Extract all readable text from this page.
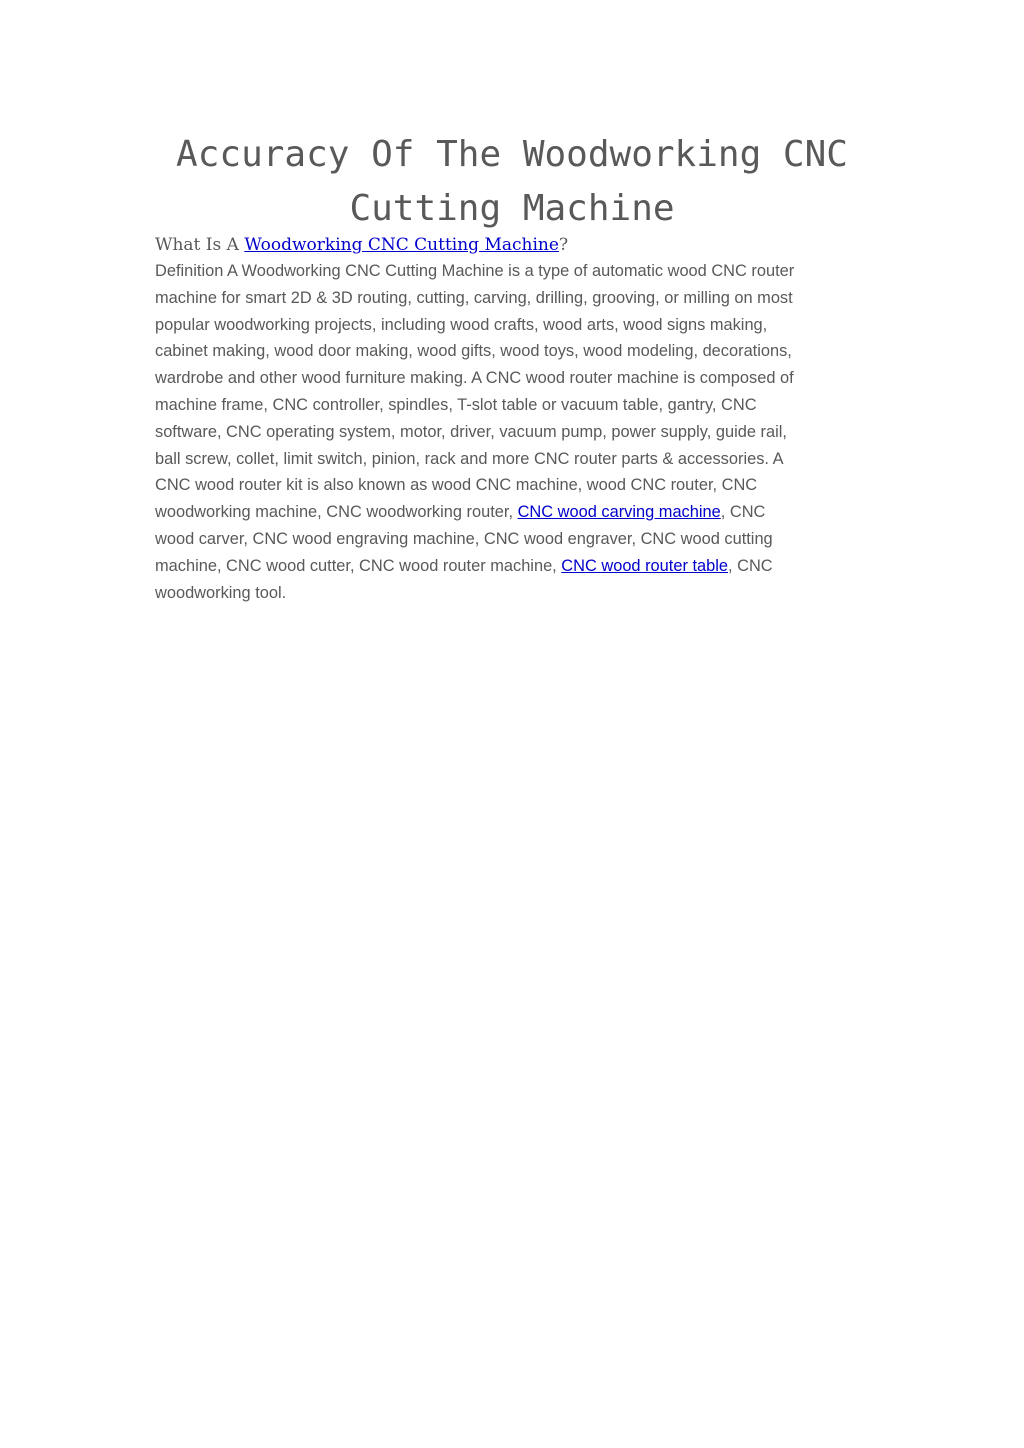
Accuracy Of The Woodworking CNC
Cutting Machine
What Is A Woodworking CNC Cutting Machine?

Definition A Woodworking CNC Cutting Machine is a type of automatic wood CNC router
machine for smart 2D & 3D routing, cutting, carving, drilling, grooving, or milling on most
popular woodworking projects, including wood crafts, wood arts, wood signs making,
cabinet making, wood door making, wood gifts, wood toys, wood modeling, decorations,
wardrobe and other wood furniture making. A CNC wood router machine is composed of
machine frame, CNC controller, spindles, T-slot table or vacuum table, gantry, CNC
software, CNC operating system, motor, driver, vacuum pump, power supply, guide rail,
ball screw, collet, limit switch, pinion, rack and more CNC router parts & accessories. A
CNC wood router kit is also known as wood CNC machine, wood CNC router, CNC
woodworking machine, CNC woodworking router, CNC wood carving machine, CNC
wood carver, CNC wood engraving machine, CNC wood engraver, CNC wood cutting
machine, CNC wood cutter, CNC wood router machine, CNC wood router table, CNC
woodworking tool.
